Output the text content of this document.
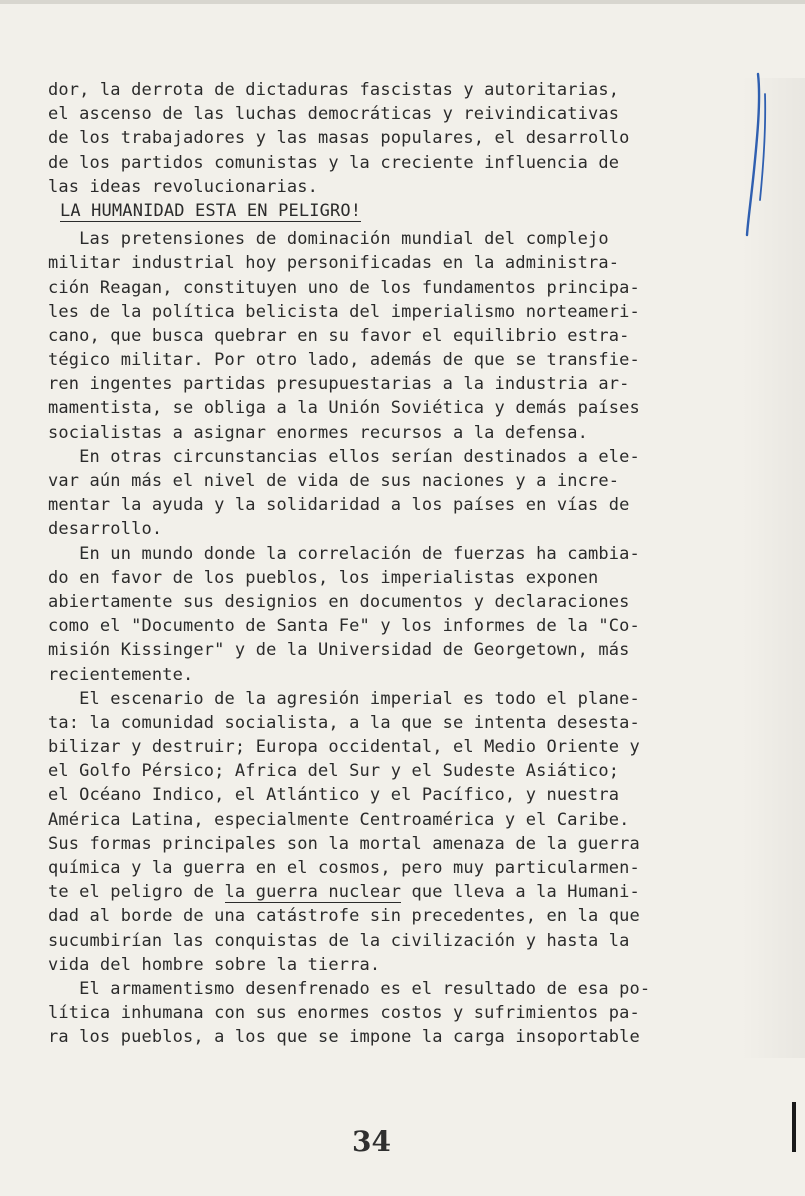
dor, la derrota de dictaduras fascistas y autoritarias,
el ascenso de las luchas democráticas y reivindicativas
de los trabajadores y las masas populares, el desarrollo
de los partidos comunistas y la creciente influencia de
las ideas revolucionarias.
LA HUMANIDAD ESTA EN PELIGRO!
Las pretensiones de dominación mundial del complejo
militar industrial hoy personificadas en la administra-
ción Reagan, constituyen uno de los fundamentos principa-
les de la política belicista del imperialismo norteameri-
cano, que busca quebrar en su favor el equilibrio estra-
tégico militar. Por otro lado, además de que se transfie-
ren ingentes partidas presupuestarias a la industria ar-
mamentista, se obliga a la Unión Soviética y demás países
socialistas a asignar enormes recursos a la defensa.
En otras circunstancias ellos serían destinados a ele-
var aún más el nivel de vida de sus naciones y a incre-
mentar la ayuda y la solidaridad a los países en vías de
desarrollo.
En un mundo donde la correlación de fuerzas ha cambia-
do en favor de los pueblos, los imperialistas exponen
abiertamente sus designios en documentos y declaraciones
como el "Documento de Santa Fe" y los informes de la "Co-
misión Kissinger" y de la Universidad de Georgetown, más
recientemente.
El escenario de la agresión imperial es todo el plane-
ta: la comunidad socialista, a la que se intenta desesta-
bilizar y destruir; Europa occidental, el Medio Oriente y
el Golfo Pérsico; Africa del Sur y el Sudeste Asiático;
el Océano Indico, el Atlántico y el Pacífico, y nuestra
América Latina, especialmente Centroamérica y el Caribe.
Sus formas principales son la mortal amenaza de la guerra
química y la guerra en el cosmos, pero muy particularmen-
te el peligro de la guerra nuclear que lleva a la Humani-
dad al borde de una catástrofe sin precedentes, en la que
sucumbirían las conquistas de la civilización y hasta la
vida del hombre sobre la tierra.
El armamentismo desenfrenado es el resultado de esa po-
lítica inhumana con sus enormes costos y sufrimientos pa-
ra los pueblos, a los que se impone la carga insoportable
34
